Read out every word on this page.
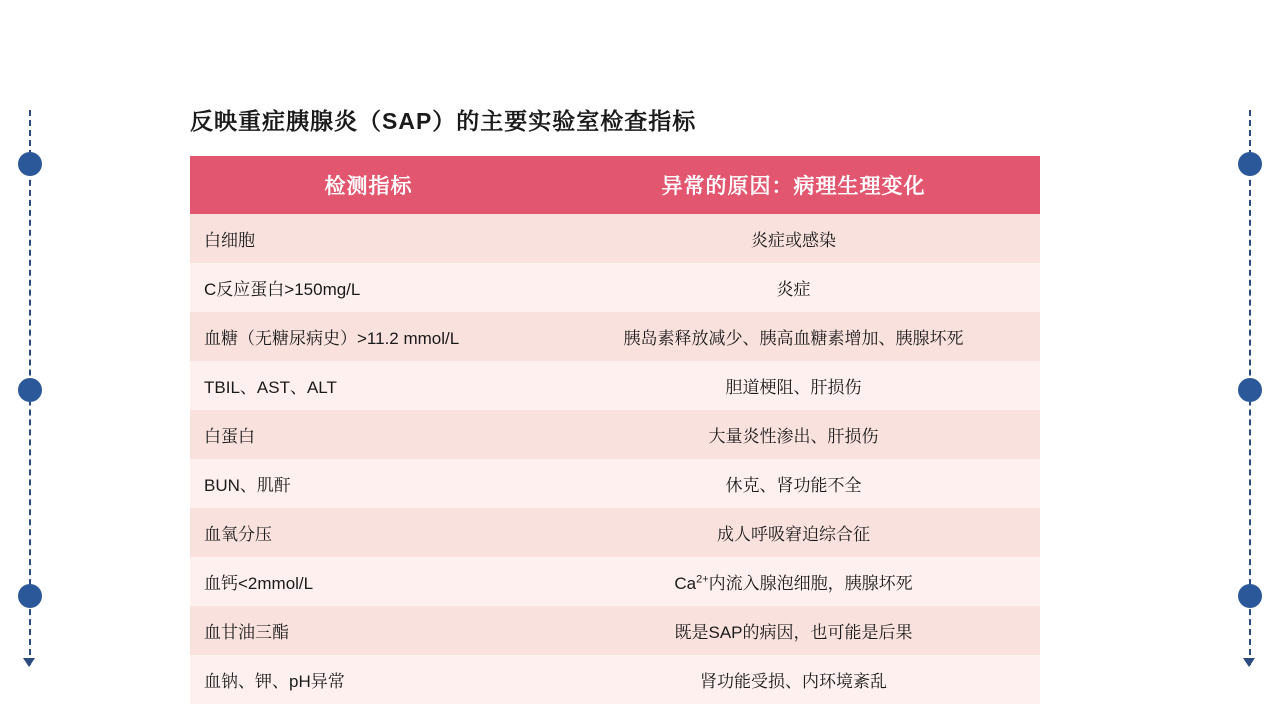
反映重症胰腺炎（SAP）的主要实验室检查指标
检测指标	异常的原因：病理生理变化
白细胞	炎症或感染
C反应蛋白>150mg/L	炎症
血糖（无糖尿病史）>11.2 mmol/L	胰岛素释放减少、胰高血糖素增加、胰腺坏死
TBIL、AST、ALT	胆道梗阻、肝损伤
白蛋白	大量炎性渗出、肝损伤
BUN、肌酐	休克、肾功能不全
血氧分压	成人呼吸窘迫综合征
血钙<2mmol/L	$Ca^{2+}$内流入腺泡细胞，胰腺坏死
血甘油三酯	既是SAP的病因，也可能是后果
血钠、钾、pH异常	肾功能受损、内环境紊乱
